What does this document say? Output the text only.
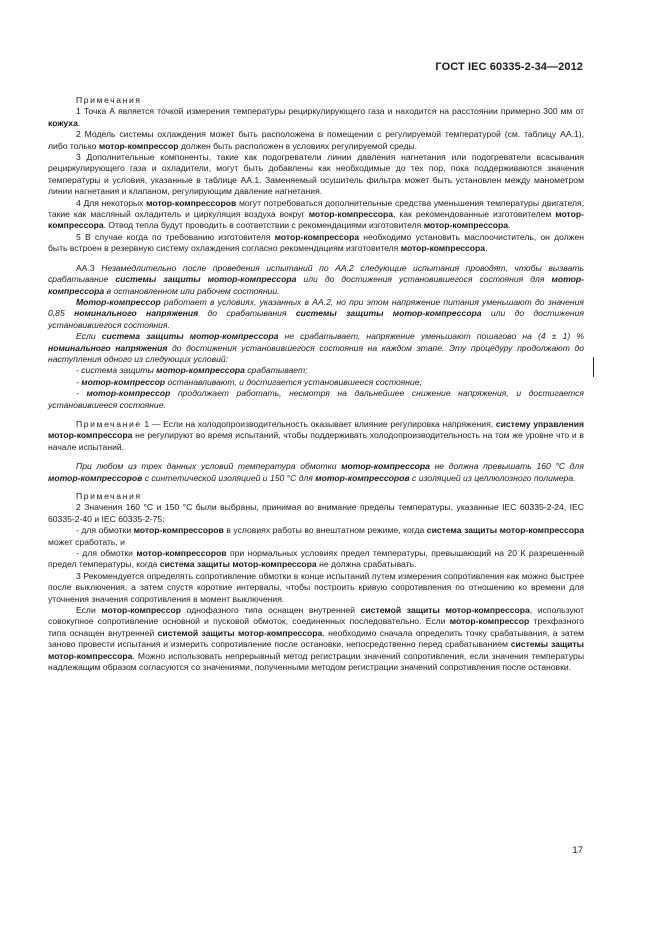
ГОСТ IEC 60335-2-34—2012

Примечания

1 Точка А является точкой измерения температуры рециркулирующего газа и находится на расстоянии примерно 300 мм от кожуха.

2 Модель системы охлаждения может быть расположена в помещении с регулируемой температурой (см. таблицу АА.1), либо только мотор-компрессор должен быть расположен в условиях регулируемой среды.

3 Дополнительные компоненты, такие как подогреватели линии давления нагнетания или подогреватели всасывания рециркулирующего газа и охладители, могут быть добавлены как необходимые до тех пор, пока поддерживаются значения температуры и условия, указанные в таблице АА.1. Заменяемый осушитель фильтра может быть установлен между манометром линии нагнетания и клапаном, регулирующим давление нагнетания.

4 Для некоторых мотор-компрессоров могут потребоваться дополнительные средства уменьшения температуры двигателя, такие как масляный охладитель и циркуляция воздуха вокруг мотор-компрессора, как рекомендованные изготовителем мотор-компрессора. Отвод тепла будут проводить в соответствии с рекомендациями изготовителя мотор-компрессора.

5 В случае когда по требованию изготовителя мотор-компрессора необходимо установить маслоочиститель, он должен быть встроен в резервную систему охлаждения согласно рекомендациям изготовителя мотор-компрессора.

АА.3 Незамедлительно после проведения испытаний по АА.2 следующие испытания проводят, чтобы вызвать срабатывание системы защиты мотор-компрессора или до достижения установившегося состояния для мотор-компрессора в остановленном или рабочем состоянии.

Мотор-компрессор работает в условиях, указанных в АА.2, но при этом напряжение питания уменьшают до значения 0,85 номинального напряжения до срабатывания системы защиты мотор-компрессора или до достижения установившегося состояния.

Если система защиты мотор-компрессора не срабатывает, напряжение уменьшают пошагово на (4 ± 1) % номинального напряжения до достижения установившегося состояния на каждом этапе. Эту процедуру продолжают до наступления одного из следующих условий:

- система защиты мотор-компрессора срабатывает;

- мотор-компрессор останавливают, и достигается установившееся состояние;

- мотор-компрессор продолжает работать, несмотря на дальнейшее снижение напряжения, и достигается установившееся состояние.

Примечание 1 — Если на холодопроизводительность оказывает влияние регулировка напряжения, систему управления мотор-компрессора не регулируют во время испытаний, чтобы поддерживать холодопроизводительность на том же уровне что и в начале испытаний.

При любом из трех данных условий температура обмотки мотор-компрессора не должна превышать 160 °С для мотор-компрессоров с синтетической изоляцией и 150 °С для мотор-компрессоров с изоляцией из целлюлозного полимера.

Примечания

2 Значения 160 °С и 150 °С были выбраны, принимая во внимание пределы температуры, указанные IEC 60335-2-24, IEC 60335-2-40 и IEC 60335-2-75:

- для обмотки мотор-компрессоров в условиях работы во внештатном режиме, когда система защиты мотор-компрессора может сработать, и

- для обмотки мотор-компрессоров при нормальных условиях предел температуры, превышающий на 20 К разрешенный предел температуры, когда система защиты мотор-компрессора не должна срабатывать.

3 Рекомендуется определять сопротивление обмотки в конце испытаний путем измерения сопротивления как можно быстрее после выключения, а затем спустя короткие интервалы, чтобы построить кривую сопротивления по отношению ко времени для уточнения значения сопротивления в момент выключения.

Если мотор-компрессор однофазного типа оснащен внутренней системой защиты мотор-компрессора, используют совокупное сопротивление основной и пусковой обмоток, соединенных последовательно. Если мотор-компрессор трехфазного типа оснащен внутренней системой защиты мотор-компрессора, необходимо сначала определить точку срабатывания, а затем заново провести испытания и измерить сопротивление после остановки, непосредственно перед срабатыванием системы защиты мотор-компрессора. Можно использовать непрерывный метод регистрации значений сопротивления, если значения температуры надлежащим образом согласуются со значениями, полученными методом регистрации значений сопротивления после остановки.

17
